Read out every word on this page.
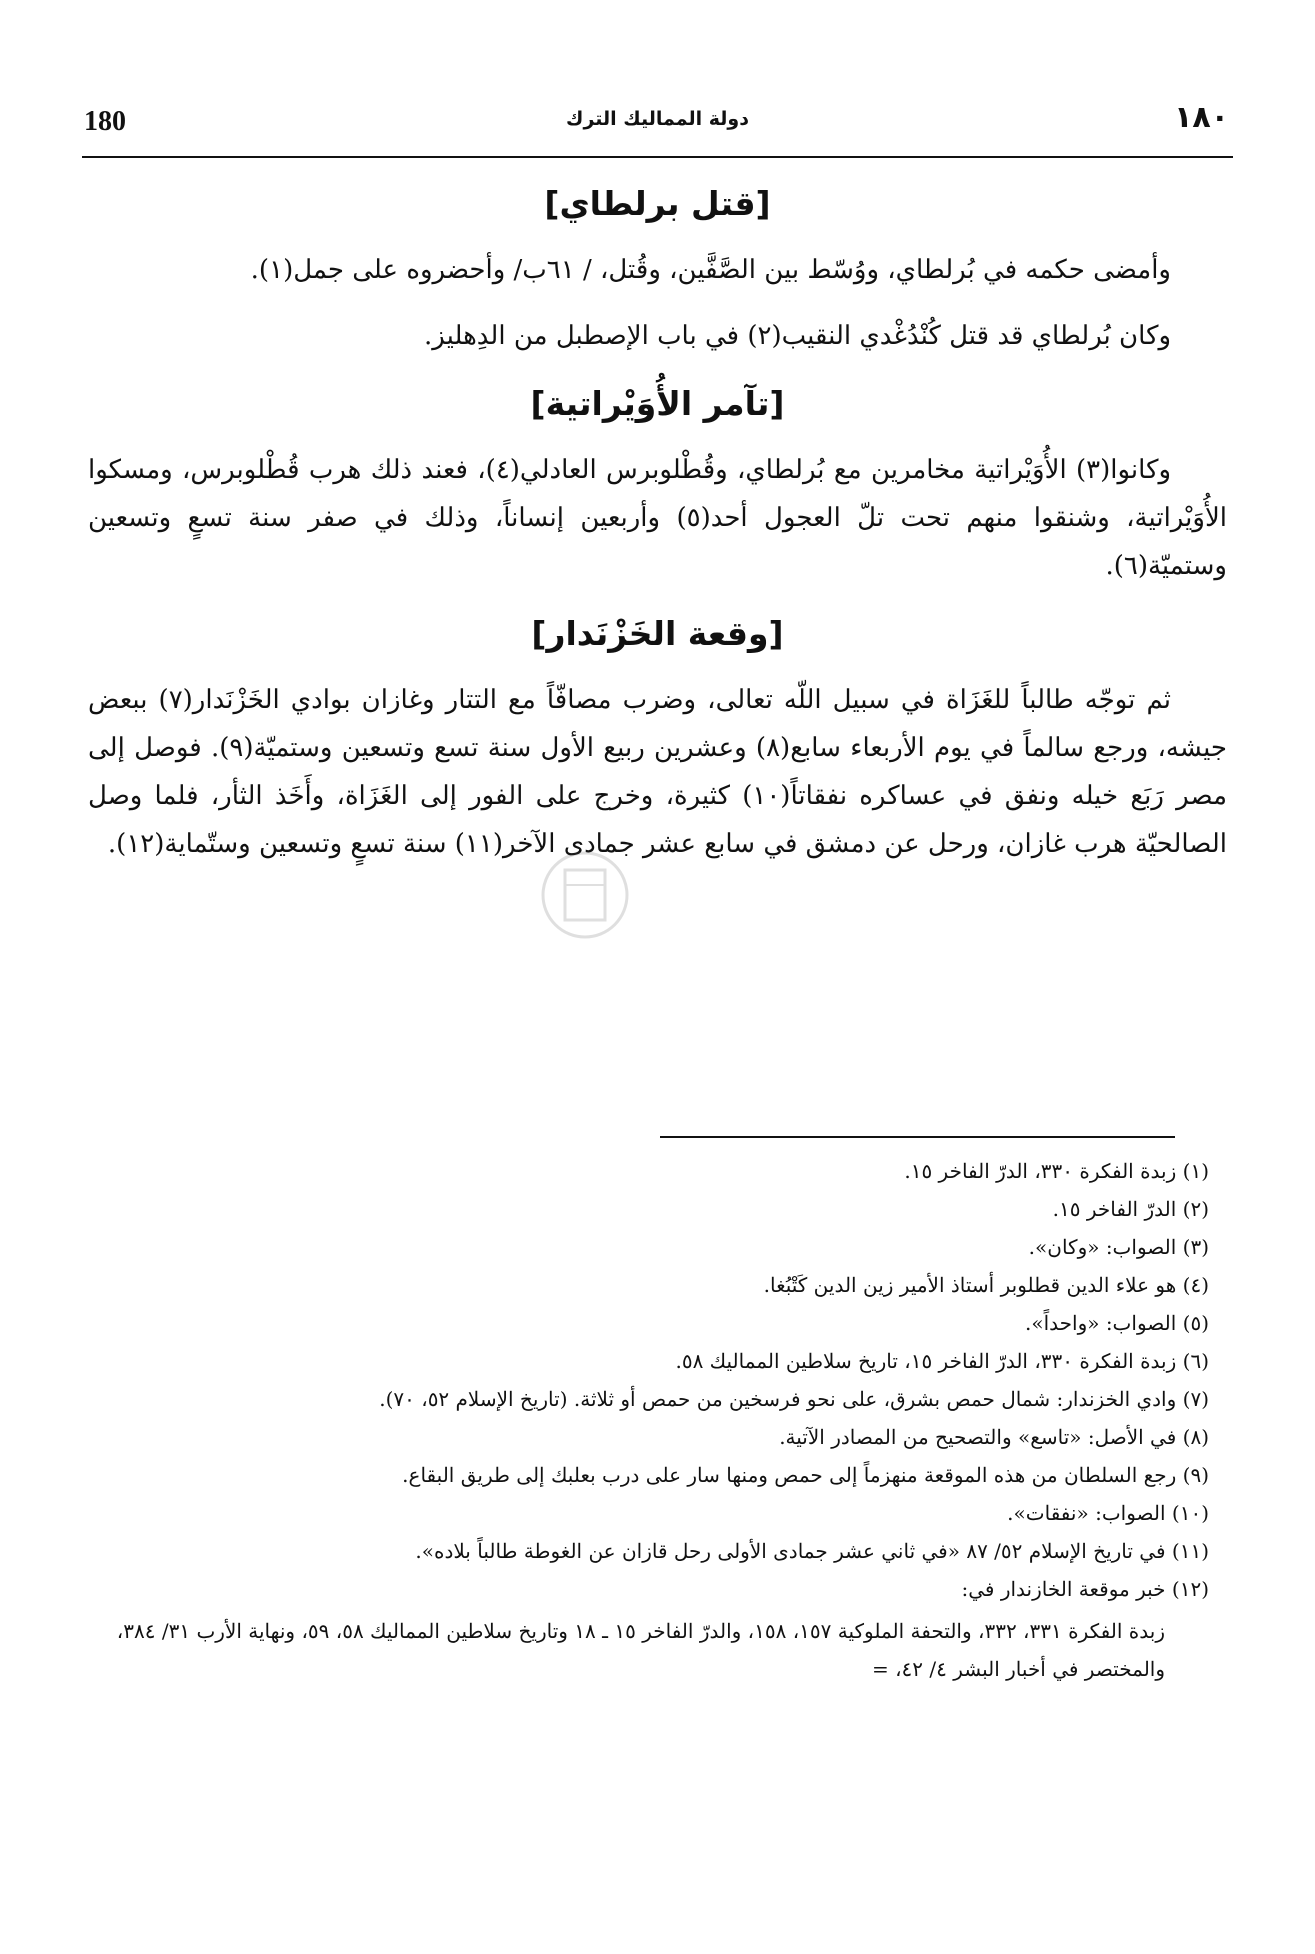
180	دولة المماليك الترك	١٨٠
[قتل برلطاي]

وأمضى حكمه في بُرلطاي، ووُسّط بين الصَّفَّين، وقُتل، / ٦١ب/ وأحضروه على جمل(١).

وكان بُرلطاي قد قتل كُنْدُغْدي النقيب(٢) في باب الإصطبل من الدِهليز.

[تآمر الأُوَيْراتية]

وكانوا(٣) الأُوَيْراتية مخامرين مع بُرلطاي، وقُطْلوبرس العادلي(٤)، فعند ذلك هرب قُطْلوبرس، ومسكوا الأُوَيْراتية، وشنقوا منهم تحت تلّ العجول أحد(٥) وأربعين إنساناً، وذلك في صفر سنة تسعٍ وتسعين وستميّة(٦).

[وقعة الخَزْنَدار]

ثم توجّه طالباً للغَزَاة في سبيل اللّه تعالى، وضرب مصافّاً مع التتار وغازان بوادي الخَزْنَدار(٧) ببعض جيشه، ورجع سالماً في يوم الأربعاء سابع(٨) وعشرين ربيع الأول سنة تسع وتسعين وستميّة(٩). فوصل إلى مصر رَبَع خيله ونفق في عساكره نفقاتاً(١٠) كثيرة، وخرج على الفور إلى الغَزَاة، وأَخَذ الثأر، فلما وصل الصالحيّة هرب غازان، ورحل عن دمشق في سابع عشر جمادى الآخر(١١) سنة تسعٍ وتسعين وستّماية(١٢).

(١) زبدة الفكرة ٣٣٠، الدرّ الفاخر ١٥.

(٢) الدرّ الفاخر ١٥.

(٣) الصواب: «وكان».

(٤) هو علاء الدين قطلوبر أستاذ الأمير زين الدين كَتْبُغا.

(٥) الصواب: «واحداً».

(٦) زبدة الفكرة ٣٣٠، الدرّ الفاخر ١٥، تاريخ سلاطين المماليك ٥٨.

(٧) وادي الخزندار: شمال حمص بشرق، على نحو فرسخين من حمص أو ثلاثة. (تاريخ الإسلام ٥٢، ٧٠).

(٨) في الأصل: «تاسع» والتصحيح من المصادر الآتية.

(٩) رجع السلطان من هذه الموقعة منهزماً إلى حمص ومنها سار على درب بعلبك إلى طريق البقاع.

(١٠) الصواب: «نفقات».

(١١) في تاريخ الإسلام ٥٢/ ٨٧ «في ثاني عشر جمادى الأولى رحل قازان عن الغوطة طالباً بلاده».

(١٢) خبر موقعة الخازندار في:

زبدة الفكرة ٣٣١، ٣٣٢، والتحفة الملوكية ١٥٧، ١٥٨، والدرّ الفاخر ١٥ ـ ١٨ وتاريخ سلاطين المماليك ٥٨، ٥٩، ونهاية الأرب ٣١/ ٣٨٤، والمختصر في أخبار البشر ٤/ ٤٢، =
